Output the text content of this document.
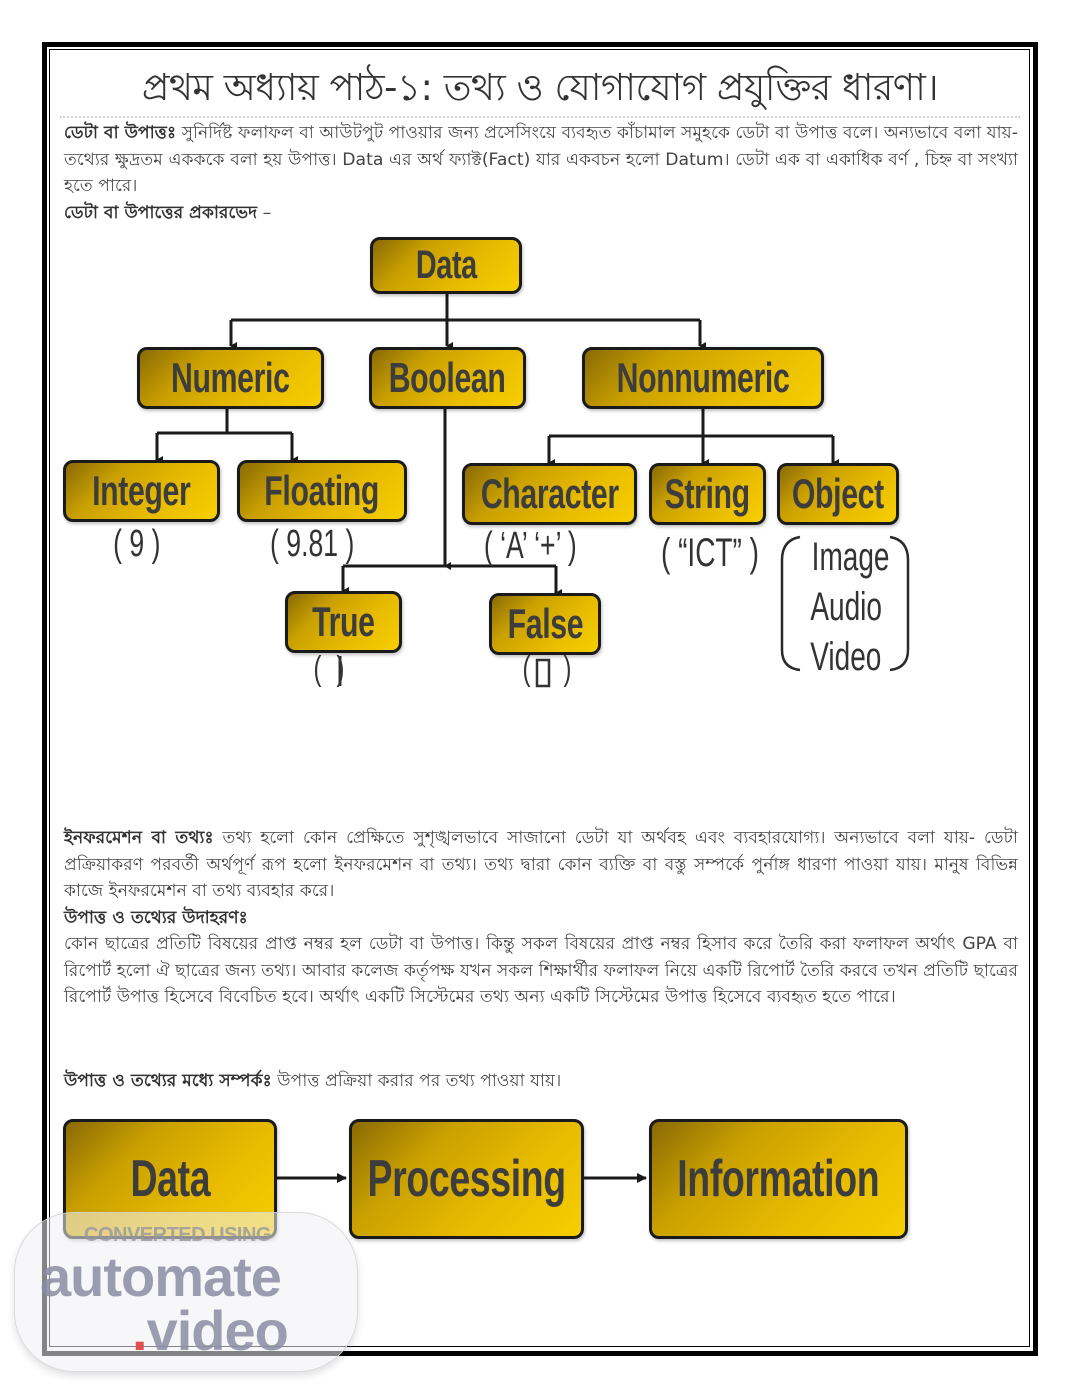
প্রথম অধ্যায় পাঠ-১: তথ্য ও যোগাযোগ প্রযুক্তির ধারণা।
ডেটা বা উপাত্তঃ সুনির্দিষ্ট ফলাফল বা আউটপুট পাওয়ার জন্য প্রসেসিংয়ে ব্যবহৃত কাঁচামাল সমুহকে ডেটা বা উপাত্ত বলে। অন্যভাবে বলা যায়- তথ্যের ক্ষুদ্রতম একককে বলা হয় উপাত্ত। Data এর অর্থ ফ্যাক্ট(Fact) যার একবচন হলো Datum। ডেটা এক বা একাধিক বর্ণ , চিহ্ন বা সংখ্যা হতে পারে।
ডেটা বা উপাত্তের প্রকারভেদ –
Data
Numeric Boolean	Nonnumeric
Integer Floating Character String Object
True	False
( 9 )	( 9.81 )	( ‘A’ ‘+’ )	( “ICT” )	Image
Audio
Video
( )	(     )
ইনফরমেশন বা তথ্যঃ তথ্য হলো কোন প্রেক্ষিতে সুশৃঙ্খলভাবে সাজানো ডেটা যা অর্থবহ এবং ব্যবহারযোগ্য। অন্যভাবে বলা যায়- ডেটা প্রক্রিয়াকরণ পরবর্তী অর্থপূর্ণ রূপ হলো ইনফরমেশন বা তথ্য। তথ্য দ্বারা কোন ব্যক্তি বা বস্তু সম্পর্কে পুর্নাঙ্গ ধারণা পাওয়া যায়। মানুষ বিভিন্ন কাজে ইনফরমেশন বা তথ্য ব্যবহার করে।
উপাত্ত ও তথ্যের উদাহরণঃ
কোন ছাত্রের প্রতিটি বিষয়ের প্রাপ্ত নম্বর হল ডেটা বা উপাত্ত। কিন্তু সকল বিষয়ের প্রাপ্ত নম্বর হিসাব করে তৈরি করা ফলাফল অর্থাৎ GPA বা রিপোর্ট হলো ঐ ছাত্রের জন্য তথ্য। আবার কলেজ কর্তৃপক্ষ যখন সকল শিক্ষার্থীর ফলাফল নিয়ে একটি রিপোর্ট তৈরি করবে তখন প্রতিটি ছাত্রের রিপোর্ট উপাত্ত হিসেবে বিবেচিত হবে। অর্থাৎ একটি সিস্টেমের তথ্য অন্য একটি সিস্টেমের উপাত্ত হিসেবে ব্যবহৃত হতে পারে।
উপাত্ত ও তথ্যের মধ্যে সম্পর্কঃ উপাত্ত প্রক্রিয়া করার পর তথ্য পাওয়া যায়।
Data	Processing Information
CONVERTED USING
automate
.video
